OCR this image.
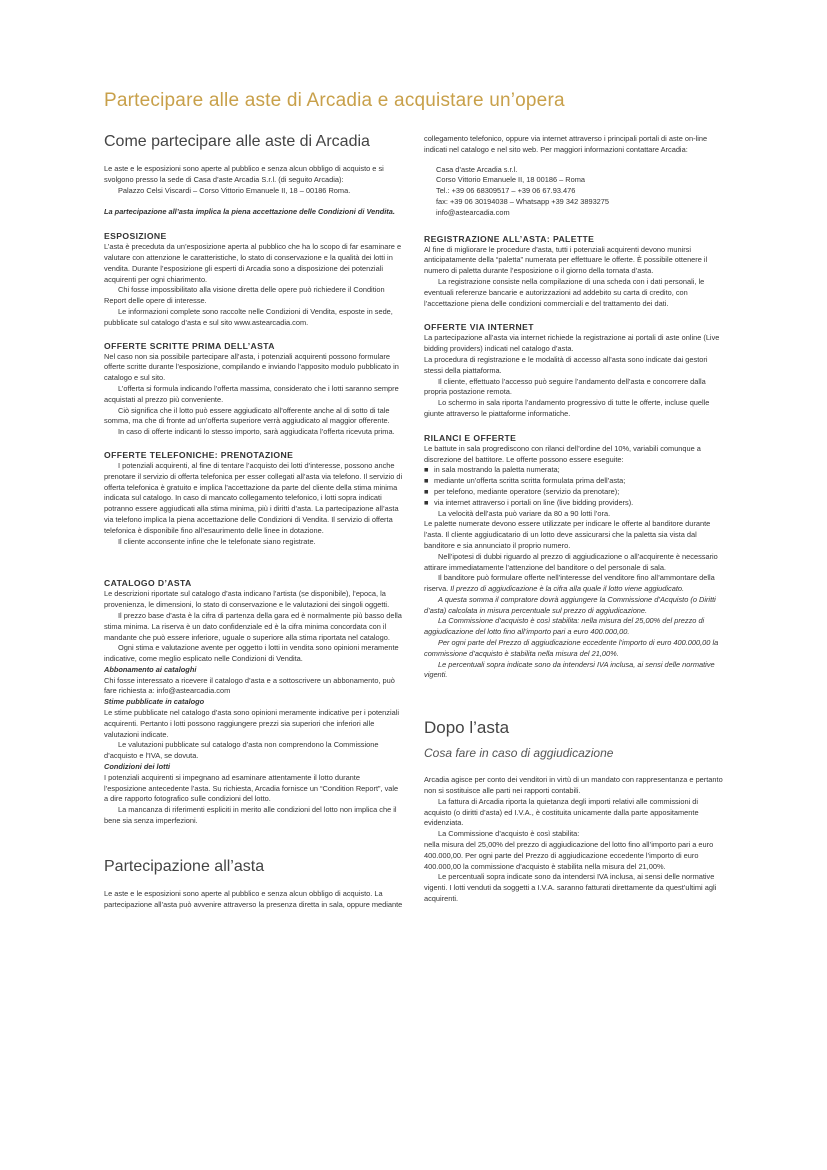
Partecipare alle aste di Arcadia e acquistare un’opera
Come partecipare alle aste di Arcadia

Le aste e le esposizioni sono aperte al pubblico e senza alcun obbligo di acquisto e si svolgono presso la sede di Casa d’aste Arcadia S.r.l. (di seguito Arcadia):

Palazzo Celsi Viscardi – Corso Vittorio Emanuele II, 18 – 00186 Roma.

La partecipazione all’asta implica la piena accettazione delle Condizioni di Vendita.

ESPOSIZIONE

L’asta è preceduta da un’esposizione aperta al pubblico che ha lo scopo di far esaminare e valutare con attenzione le caratteristiche, lo stato di conservazione e la qualità dei lotti in vendita. Durante l’esposizione gli esperti di Arcadia sono a disposizione dei potenziali acquirenti per ogni chiarimento.

Chi fosse impossibilitato alla visione diretta delle opere può richiedere il Condition Report delle opere di interesse.

Le informazioni complete sono raccolte nelle Condizioni di Vendita, esposte in sede, pubblicate sul catalogo d’asta e sul sito www.astearcadia.com.

OFFERTE SCRITTE PRIMA DELL’ASTA

Nel caso non sia possibile partecipare all’asta, i potenziali acquirenti possono formulare offerte scritte durante l’esposizione, compilando e inviando l’apposito modulo pubblicato in catalogo e sul sito.

L’offerta si formula indicando l’offerta massima, considerato che i lotti saranno sempre acquistati al prezzo più conveniente.

Ciò significa che il lotto può essere aggiudicato all’offerente anche al di sotto di tale somma, ma che di fronte ad un’offerta superiore verrà aggiudicato al maggior offerente.

In caso di offerte indicanti lo stesso importo, sarà aggiudicata l’offerta ricevuta prima.

OFFERTE TELEFONICHE: PRENOTAZIONE

I potenziali acquirenti, al fine di tentare l’acquisto dei lotti d’interesse, possono anche prenotare il servizio di offerta telefonica per esser collegati all’asta via telefono. Il servizio di offerta telefonica è gratuito e implica l’accettazione da parte del cliente della stima minima indicata sul catalogo. In caso di mancato collegamento telefonico, i lotti sopra indicati potranno essere aggiudicati alla stima minima, più i diritti d’asta. La partecipazione all’asta via telefono implica la piena accettazione delle Condizioni di Vendita. Il servizio di offerta telefonica è disponibile fino all’esaurimento delle linee in dotazione.

Il cliente acconsente infine che le telefonate siano registrate.

CATALOGO D’ASTA

Le descrizioni riportate sul catalogo d’asta indicano l’artista (se disponibile), l’epoca, la provenienza, le dimensioni, lo stato di conservazione e le valutazioni dei singoli oggetti.

Il prezzo base d’asta è la cifra di partenza della gara ed è normalmente più basso della stima minima. La riserva è un dato confidenziale ed è la cifra minima concordata con il mandante che può essere inferiore, uguale o superiore alla stima riportata nel catalogo.

Ogni stima e valutazione avente per oggetto i lotti in vendita sono opinioni meramente indicative, come meglio esplicato nelle Condizioni di Vendita.

Abbonamento ai cataloghi

Chi fosse interessato a ricevere il catalogo d’asta e a sottoscrivere un abbonamento, può fare richiesta a: info@astearcadia.com

Stime pubblicate in catalogo

Le stime pubblicate nel catalogo d’asta sono opinioni meramente indicative per i potenziali acquirenti. Pertanto i lotti possono raggiungere prezzi sia superiori che inferiori alle valutazioni indicate.

Le valutazioni pubblicate sul catalogo d’asta non comprendono la Commissione d’acquisto e l’IVA, se dovuta.

Condizioni dei lotti

I potenziali acquirenti si impegnano ad esaminare attentamente il lotto durante l’esposizione antecedente l’asta. Su richiesta, Arcadia fornisce un “Condition Report”, vale a dire rapporto fotografico sulle condizioni del lotto.

La mancanza di riferimenti espliciti in merito alle condizioni del lotto non implica che il bene sia senza imperfezioni.

Partecipazione all’asta

Le aste e le esposizioni sono aperte al pubblico e senza alcun obbligo di acquisto. La partecipazione all’asta può avvenire attraverso la presenza diretta in sala, oppure mediante

collegamento telefonico, oppure via internet attraverso i principali portali di aste on-line indicati nel catalogo e nel sito web. Per maggiori informazioni contattare Arcadia:

Casa d’aste Arcadia s.r.l.

Corso Vittorio Emanuele II, 18 00186 – Roma

Tel.: +39 06 68309517 – +39 06 67.93.476

fax: +39 06 30194038 – Whatsapp +39 342 3893275

info@astearcadia.com

REGISTRAZIONE ALL’ASTA: PALETTE

Al fine di migliorare le procedure d’asta, tutti i potenziali acquirenti devono munirsi anticipatamente della “paletta” numerata per effettuare le offerte. È possibile ottenere il numero di paletta durante l’esposizione o il giorno della tornata d’asta.

La registrazione consiste nella compilazione di una scheda con i dati personali, le eventuali referenze bancarie e autorizzazioni ad addebito su carta di credito, con l’accettazione piena delle condizioni commerciali e del trattamento dei dati.

OFFERTE VIA INTERNET

La partecipazione all’asta via internet richiede la registrazione ai portali di aste online (Live bidding providers) indicati nel catalogo d’asta.

La procedura di registrazione e le modalità di accesso all’asta sono indicate dai gestori stessi della piattaforma.

Il cliente, effettuato l’accesso può seguire l’andamento dell’asta e concorrere dalla propria postazione remota.

Lo schermo in sala riporta l’andamento progressivo di tutte le offerte, incluse quelle giunte attraverso le piattaforme informatiche.

RILANCI E OFFERTE

Le battute in sala progrediscono con rilanci dell’ordine del 10%, variabili comunque a discrezione del battitore. Le offerte possono essere eseguite:

■ in sala mostrando la paletta numerata;
■ mediante un’offerta scritta scritta formulata prima dell’asta;
■ per telefono, mediante operatore (servizio da prenotare);
■ via internet attraverso i portali on line (live bidding providers).

La velocità dell’asta può variare da 80 a 90 lotti l’ora.

Le palette numerate devono essere utilizzate per indicare le offerte al banditore durante l’asta. Il cliente aggiudicatario di un lotto deve assicurarsi che la paletta sia vista dal banditore e sia annunciato il proprio numero.

Nell’ipotesi di dubbi riguardo al prezzo di aggiudicazione o all’acquirente è necessario attirare immediatamente l’attenzione del banditore o del personale di sala.

Il banditore può formulare offerte nell’interesse del venditore fino all’ammontare della riserva. Il prezzo di aggiudicazione è la cifra alla quale il lotto viene aggiudicato.

A questa somma il compratore dovrà aggiungere la Commissione d’Acquisto (o Diritti d’asta) calcolata in misura percentuale sul prezzo di aggiudicazione.

La Commissione d’acquisto è così stabilita: nella misura del 25,00% del prezzo di aggiudicazione del lotto fino all’importo pari a euro 400.000,00.

Per ogni parte del Prezzo di aggiudicazione eccedente l’importo di euro 400.000,00 la commissione d’acquisto è stabilita nella misura del 21,00%.

Le percentuali sopra indicate sono da intendersi IVA inclusa, ai sensi delle normative vigenti.

Dopo l’asta

Cosa fare in caso di aggiudicazione

Arcadia agisce per conto dei venditori in virtù di un mandato con rappresentanza e pertanto non si sostituisce alle parti nei rapporti contabili.

La fattura di Arcadia riporta la quietanza degli importi relativi alle commissioni di acquisto (o diritti d’asta) ed I.V.A., è costituita unicamente dalla parte appositamente evidenziata.

La Commissione d’acquisto è così stabilita:

nella misura del 25,00% del prezzo di aggiudicazione del lotto fino all’importo pari a euro 400.000,00. Per ogni parte del Prezzo di aggiudicazione eccedente l’importo di euro 400.000,00 la commissione d’acquisto è stabilita nella misura del 21,00%.

Le percentuali sopra indicate sono da intendersi IVA inclusa, ai sensi delle normative vigenti. I lotti venduti da soggetti a I.V.A. saranno fatturati direttamente da quest’ultimi agli acquirenti.
